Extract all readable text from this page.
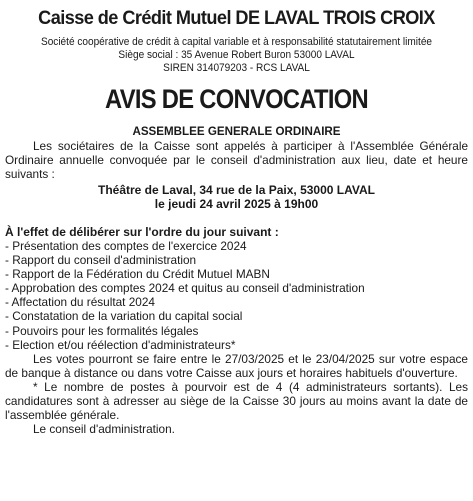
Caisse de Crédit Mutuel DE LAVAL TROIS CROIX

Société coopérative de crédit à capital variable et à responsabilité statutairement limitée

Siège social : 35 Avenue Robert Buron 53000 LAVAL

SIREN 314079203 - RCS LAVAL

AVIS DE CONVOCATION

ASSEMBLEE GENERALE ORDINAIRE

Les sociétaires de la Caisse sont appelés à participer à l'Assemblée Générale Ordinaire annuelle convoquée par le conseil d'administration aux lieu, date et heure suivants :

Théâtre de Laval, 34 rue de la Paix, 53000 LAVAL

le jeudi 24 avril 2025 à 19h00

À l'effet de délibérer sur l'ordre du jour suivant :

- Présentation des comptes de l'exercice 2024
- Rapport du conseil d'administration
- Rapport de la Fédération du Crédit Mutuel MABN
- Approbation des comptes 2024 et quitus au conseil d'administration
- Affectation du résultat 2024
- Constatation de la variation du capital social
- Pouvoirs pour les formalités légales
- Election et/ou réélection d'administrateurs*

Les votes pourront se faire entre le 27/03/2025 et le 23/04/2025 sur votre espace de banque à distance ou dans votre Caisse aux jours et horaires habituels d'ouverture.

* Le nombre de postes à pourvoir est de 4 (4 administrateurs sortants). Les candidatures sont à adresser au siège de la Caisse 30 jours au moins avant la date de l'assemblée générale.

Le conseil d'administration.
